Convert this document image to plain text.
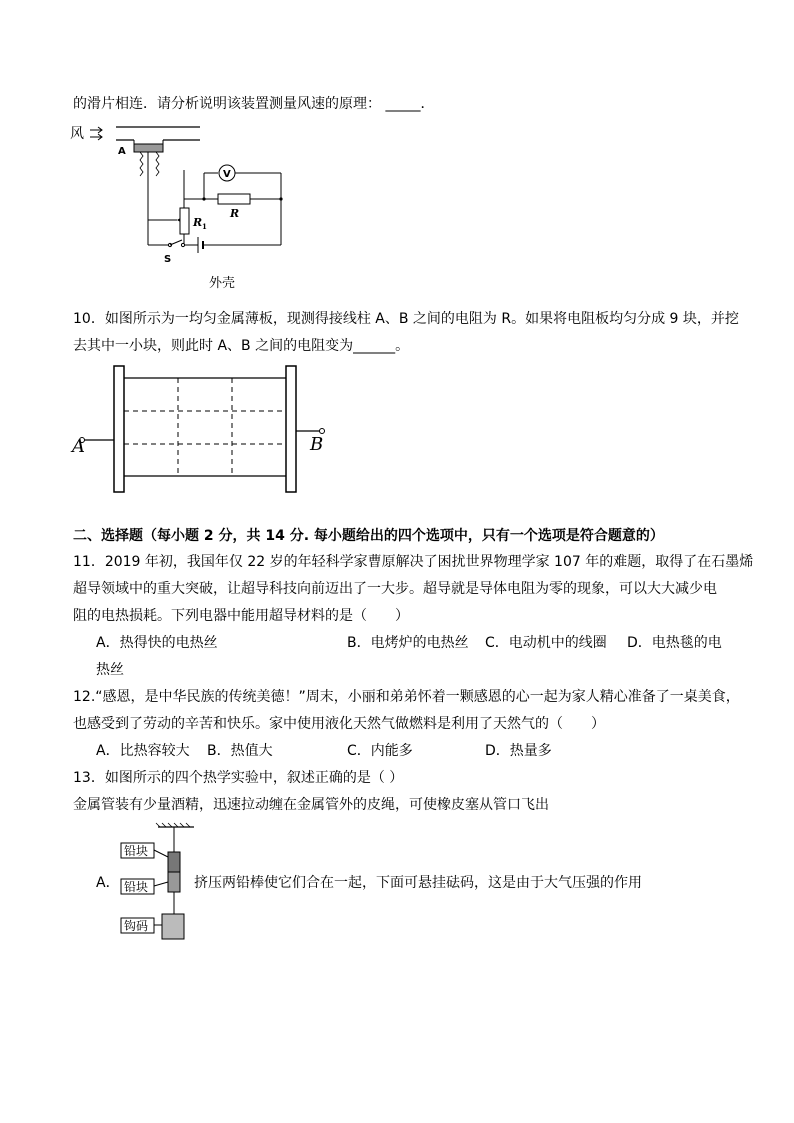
的滑片相连．请分析说明该装置测量风速的原理： _____．
风
A
R 1
R
V
S
外壳
10．如图所示为一均匀金属薄板，现测得接线柱 A、B 之间的电阻为 R。如果将电阻板均匀分成 9 块，并挖
去其中一小块，则此时 A、B 之间的电阻变为______。
A	B
二、选择题（每小题 2 分，共 14 分. 每小题给出的四个选项中，只有一个选项是符合题意的）
11．2019 年初，我国年仅 22 岁的年轻科学家曹原解决了困扰世界物理学家 107 年的难题，取得了在石墨烯
超导领域中的重大突破，让超导科技向前迈出了一大步。超导就是导体电阻为零的现象，可以大大减少电
阻的电热损耗。下列电器中能用超导材料的是（　　）
A．热得快的电热丝	B．电烤炉的电热丝 C．电动机中的线圈 D．电热毯的电
热丝
12.“感恩，是中华民族的传统美德！”周末，小丽和弟弟怀着一颗感恩的心一起为家人精心准备了一桌美食，
也感受到了劳动的辛苦和快乐。家中使用液化天然气做燃料是利用了天然气的（　　）
A．比热容较大 B．热值大	C．内能多	D．热量多
13．如图所示的四个热学实验中，叙述正确的是（ ）
金属管装有少量酒精，迅速拉动缠在金属管外的皮绳，可使橡皮塞从管口飞出
铅块
铅块
钩码
A．	挤压两铅棒使它们合在一起，下面可悬挂砝码，这是由于大气压强的作用
